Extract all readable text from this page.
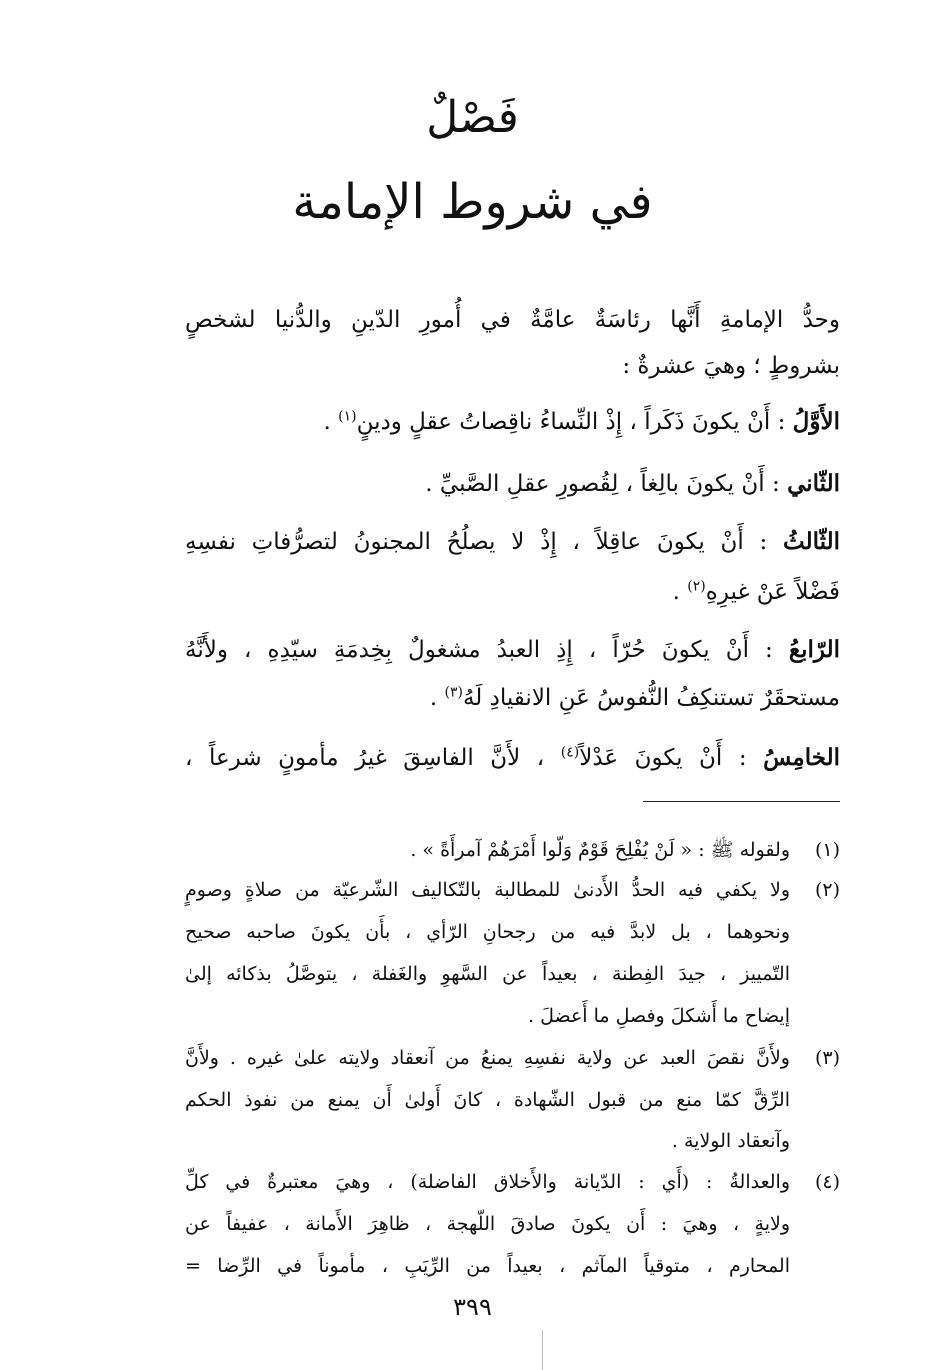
فَصْلٌ
في شروط الإمامة
وحدُّ الإمامةِ أَنَّها رئاسَةٌ عامَّةٌ في أُمورِ الدّينِ والدُّنيا لشخصٍ
بشروطٍ ؛ وهيَ عشرةٌ :
الأَوَّلُ : أَنْ يكونَ ذَكَراً ، إِذْ النِّساءُ ناقِصاتُ عقلٍ ودينٍ$^{(١)}$ .
الثّاني : أَنْ يكونَ بالِغاً ، لِقُصورِ عقلِ الصَّبيِّ .
الثّالثُ : أَنْ يكونَ عاقِلاً ، إِذْ لا يصلُحُ المجنونُ لتصرُّفاتِ نفسِهِ
فَضْلاً عَنْ غيرِهِ$^{(٢)}$ .
الرّابعُ : أَنْ يكونَ حُرّاً ، إِذِ العبدُ مشغولٌ بِخِدمَةِ سيّدِهِ ، ولأَنَّهُ
مستحقَرٌ تستنكِفُ النُّفوسُ عَنِ الانقيادِ لَهُ$^{(٣)}$ .
الخامِسُ : أَنْ يكونَ عَدْلاً$^{(٤)}$ ، لأَنَّ الفاسِقَ غيرُ مأمونٍ شرعاً ،
(١)
ولقوله ﷺ : « لَنْ يُفْلِحَ قَوْمٌ وَلّوا أَمْرَهُمْ آمرأَةً » .
(٢)
ولا يكفي فيه الحدُّ الأَدنىٰ للمطالبة بالتّكاليف الشّرعيّة من صلاةٍ وصومٍ
ونحوهما ، بل لابدَّ فيه من رجحانِ الرّأي ، بأَن يكونَ صاحبه صحيح
التّمييز ، جيدَ الفِطنة ، بعيداً عن السَّهوِ والغَفلة ، يتوصَّلُ بذكائه إلىٰ
إيضاح ما أَشكلَ وفصلِ ما أَعضلَ .
(٣)
ولأَنَّ نقصَ العبد عن ولاية نفسِهِ يمنعُ من آنعقاد ولايته علىٰ غيره . ولأَنَّ
الرِّقَّ كمّا منع من قبول الشّهادة ، كانَ أَولىٰ أَن يمنع من نفوذ الحكم
وآنعقاد الولاية .
(٤)
والعدالةُ : (أَي : الدّيانة والأَخلاق الفاضلة) ، وهيَ معتبرةٌ في كلِّ
ولايةٍ ، وهيَ : أَن يكونَ صادقَ اللّهجة ، ظاهِرَ الأَمانة ، عفيفاً عن
المحارم ، متوقياً المآثم ، بعيداً من الرِّيَبِ ، مأموناً في الرِّضا =
٣٩٩
